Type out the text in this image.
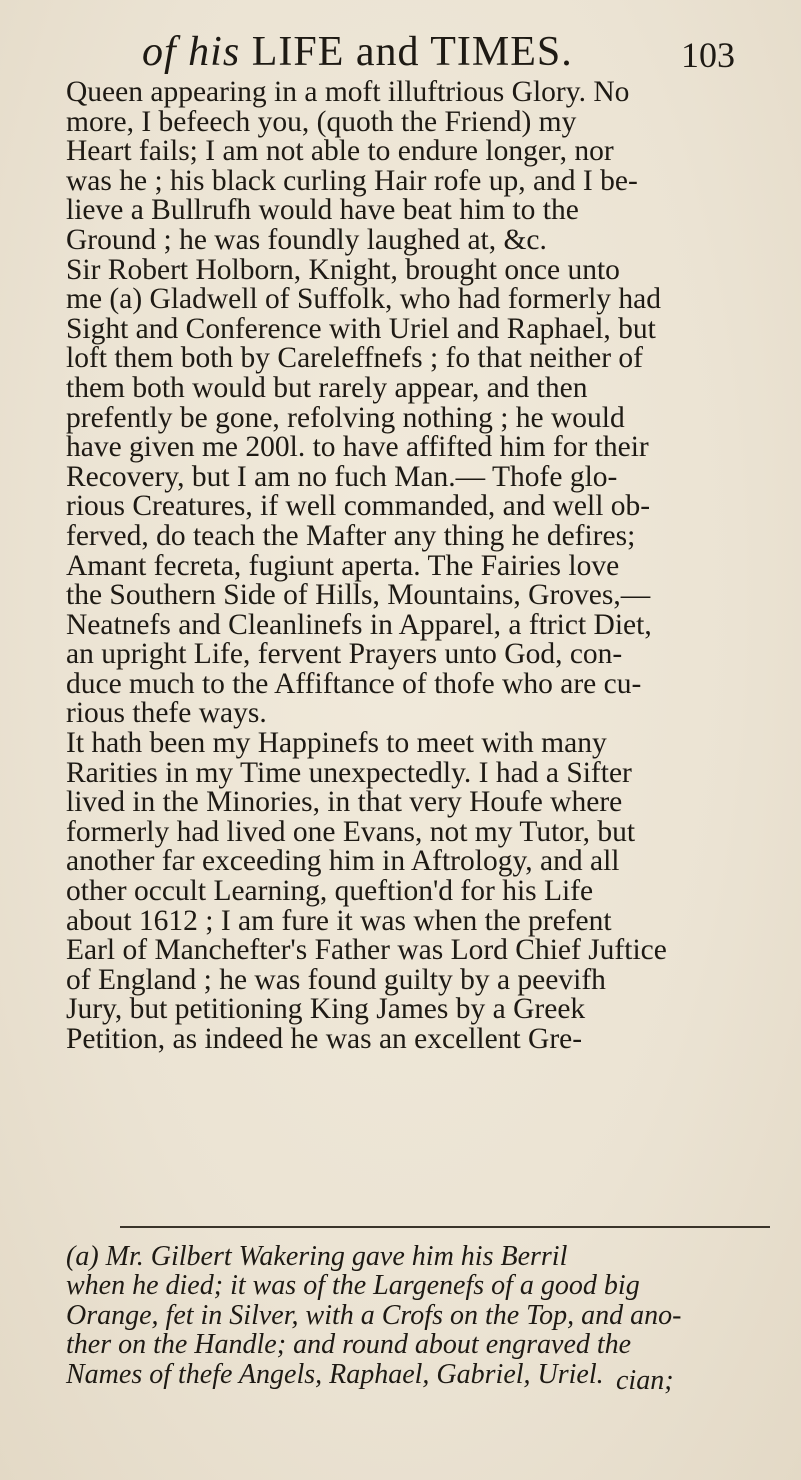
of his LIFE and TIMES.	103
Queen appearing in a moft illuftrious Glory. No
more, I befeech you, (quoth the Friend) my
Heart fails; I am not able to endure longer, nor
was he ; his black curling Hair rofe up, and I be-
lieve a Bullrufh would have beat him to the
Ground ; he was foundly laughed at, &c.
Sir Robert Holborn, Knight, brought once unto
me (a) Gladwell of Suffolk, who had formerly had
Sight and Conference with Uriel and Raphael, but
loft them both by Careleffnefs ; fo that neither of
them both would but rarely appear, and then
prefently be gone, refolving nothing ; he would
have given me 200l. to have affifted him for their
Recovery, but I am no fuch Man.— Thofe glo-
rious Creatures, if well commanded, and well ob-
ferved, do teach the Mafter any thing he defires;
Amant fecreta, fugiunt aperta. The Fairies love
the Southern Side of Hills, Mountains, Groves,—
Neatnefs and Cleanlinefs in Apparel, a ftrict Diet,
an upright Life, fervent Prayers unto God, con-
duce much to the Affiftance of thofe who are cu-
rious thefe ways.
It hath been my Happinefs to meet with many
Rarities in my Time unexpectedly. I had a Sifter
lived in the Minories, in that very Houfe where
formerly had lived one Evans, not my Tutor, but
another far exceeding him in Aftrology, and all
other occult Learning, queftion'd for his Life
about 1612 ; I am fure it was when the prefent
Earl of Manchefter's Father was Lord Chief Juftice
of England ; he was found guilty by a peevifh
Jury, but petitioning King James by a Greek
Petition, as indeed he was an excellent Gre-
(a) Mr. Gilbert Wakering gave him his Berril
when he died; it was of the Largenefs of a good big
Orange, fet in Silver, with a Crofs on the Top, and ano-
ther on the Handle; and round about engraved the
Names of thefe Angels, Raphael, Gabriel, Uriel. cian;
